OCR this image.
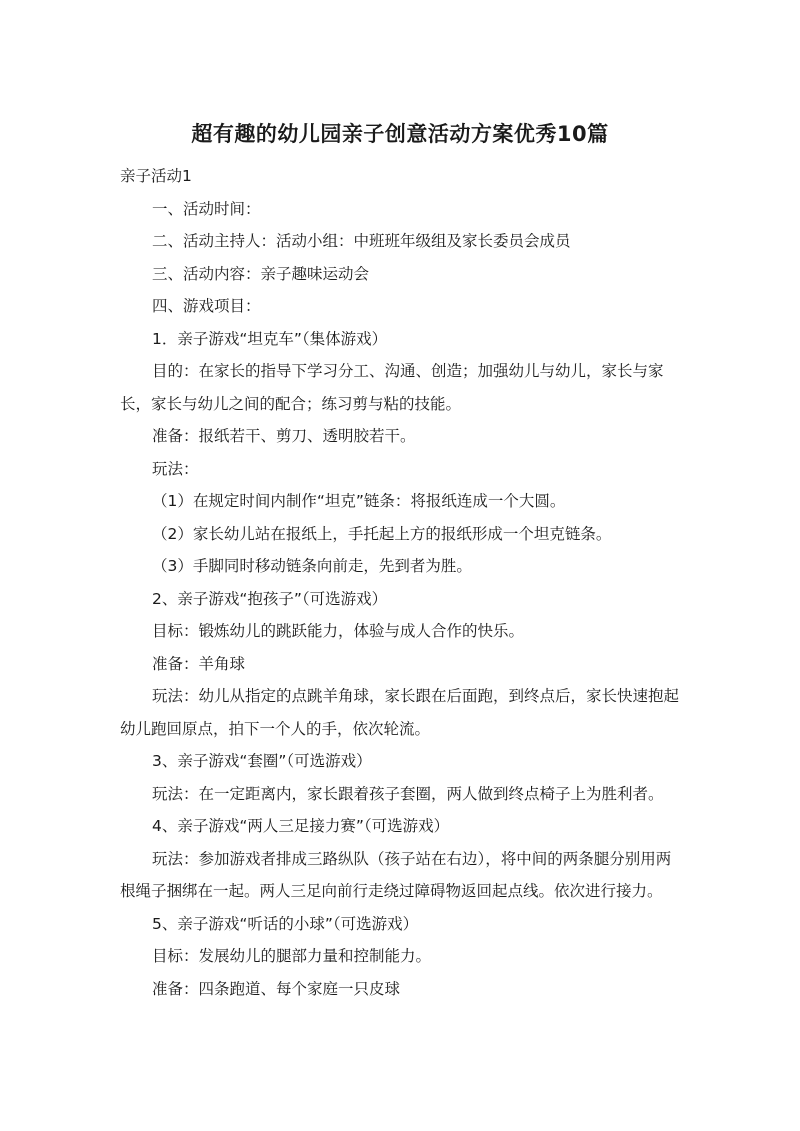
超有趣的幼儿园亲子创意活动方案优秀10篇

亲子活动1

一、活动时间：

二、活动主持人：活动小组：中班班年级组及家长委员会成员

三、活动内容：亲子趣味运动会

四、游戏项目：

1．亲子游戏“坦克车”（集体游戏）

目的：在家长的指导下学习分工、沟通、创造；加强幼儿与幼儿，家长与家长，家长与幼儿之间的配合；练习剪与粘的技能。

准备：报纸若干、剪刀、透明胶若干。

玩法：

（1）在规定时间内制作“坦克”链条：将报纸连成一个大圆。

（2）家长幼儿站在报纸上，手托起上方的报纸形成一个坦克链条。

（3）手脚同时移动链条向前走，先到者为胜。

2、亲子游戏“抱孩子”（可选游戏）

目标：锻炼幼儿的跳跃能力，体验与成人合作的快乐。

准备：羊角球

玩法：幼儿从指定的点跳羊角球，家长跟在后面跑，到终点后，家长快速抱起幼儿跑回原点，拍下一个人的手，依次轮流。

3、亲子游戏“套圈”（可选游戏）

玩法：在一定距离内，家长跟着孩子套圈，两人做到终点椅子上为胜利者。

4、亲子游戏“两人三足接力赛”（可选游戏）

玩法：参加游戏者排成三路纵队（孩子站在右边），将中间的两条腿分别用两根绳子捆绑在一起。两人三足向前行走绕过障碍物返回起点线。依次进行接力。

5、亲子游戏“听话的小球”（可选游戏）

目标：发展幼儿的腿部力量和控制能力。

准备：四条跑道、每个家庭一只皮球
